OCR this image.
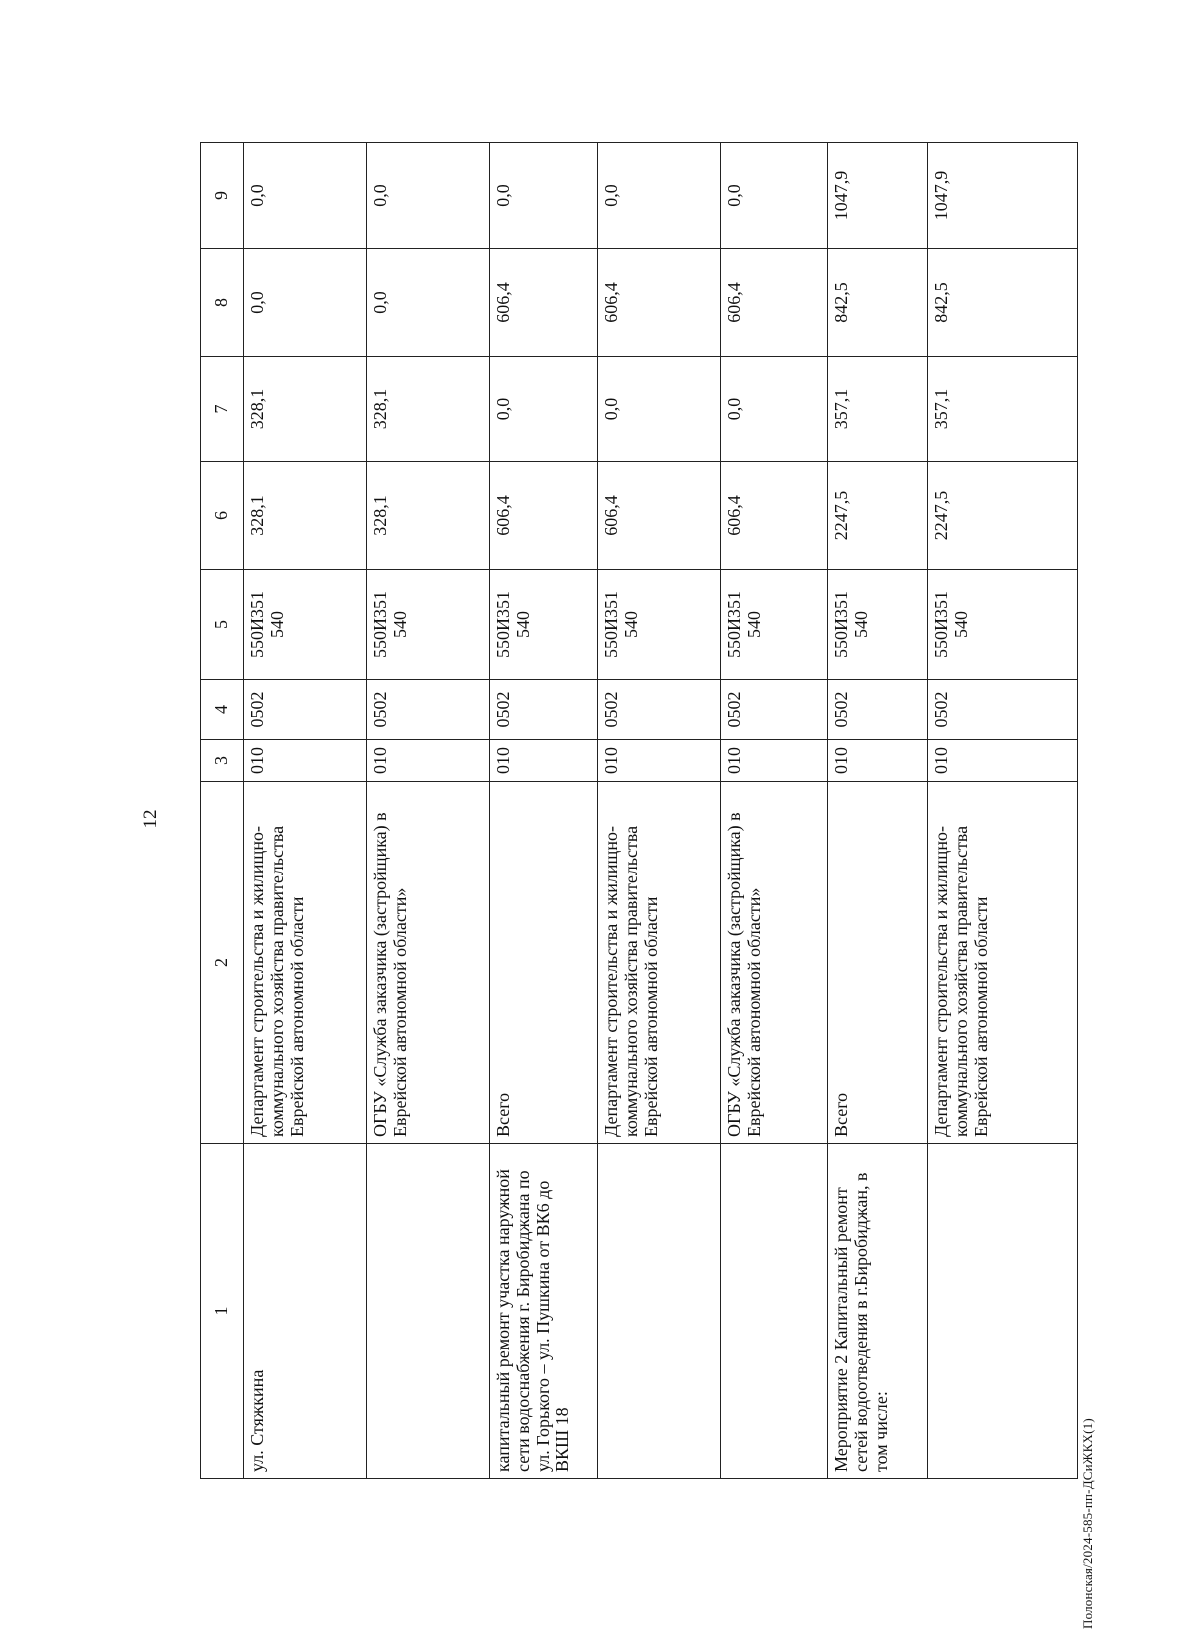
12
Полонская/2024-585-пп-ДСиЖКХ(1)
1	2	3	4	5	6	7	8	9
ул. Стяжкина	Департамент строительства и жилищно-коммунального хозяйства правительства Еврейской автономной области	010	0502	550И351 540	328,1	328,1	0,0	0,0
	ОГБУ «Служба заказчика (застройщика) в Еврейской автономной области»	010	0502	550И351 540	328,1	328,1	0,0	0,0
капитальный ремонт участка наружной сети водоснабжения г. Биробиджана по ул. Горького – ул. Пушкина от ВК6 до ВКШ 18	Всего	010	0502	550И351 540	606,4	0,0	606,4	0,0
	Департамент строительства и жилищно-коммунального хозяйства правительства Еврейской автономной области	010	0502	550И351 540	606,4	0,0	606,4	0,0
	ОГБУ «Служба заказчика (застройщика) в Еврейской автономной области»	010	0502	550И351 540	606,4	0,0	606,4	0,0
Мероприятие 2 Капитальный ремонт сетей водоотведения в г.Биробиджан, в том числе:	Всего	010	0502	550И351 540	2247,5	357,1	842,5	1047,9
	Департамент строительства и жилищно-коммунального хозяйства правительства Еврейской автономной области	010	0502	550И351 540	2247,5	357,1	842,5	1047,9
